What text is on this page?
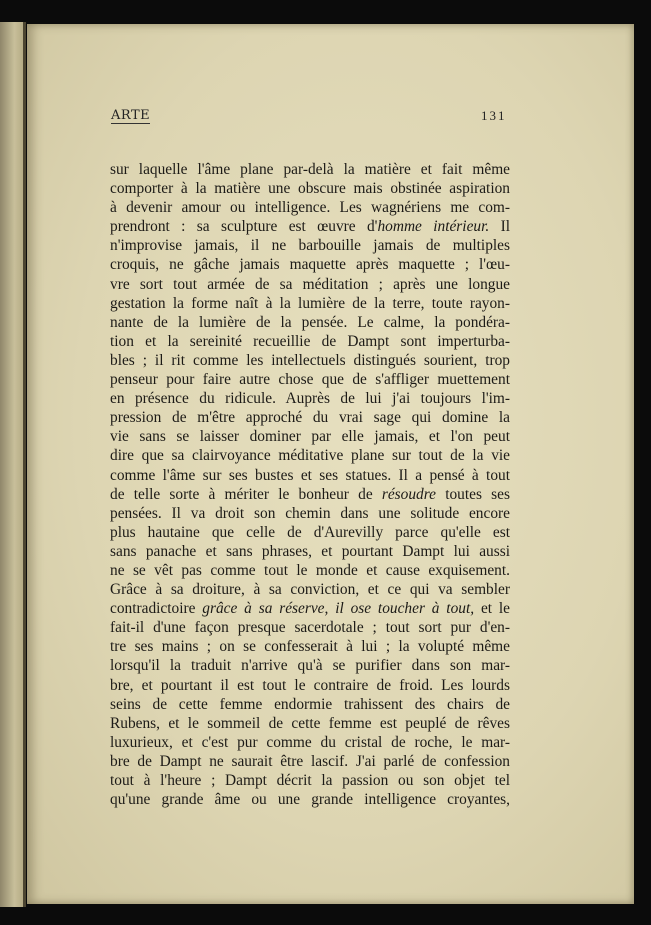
ARTE	131
sur laquelle l'âme plane par-delà la matière et fait même
comporter à la matière une obscure mais obstinée aspiration
à devenir amour ou intelligence. Les wagnériens me com-
prendront : sa sculpture est œuvre d'homme intérieur. Il
n'improvise jamais, il ne barbouille jamais de multiples
croquis, ne gâche jamais maquette après maquette ; l'œu-
vre sort tout armée de sa méditation ; après une longue
gestation la forme naît à la lumière de la terre, toute rayon-
nante de la lumière de la pensée. Le calme, la pondéra-
tion et la sereinité recueillie de Dampt sont imperturba-
bles ; il rit comme les intellectuels distingués sourient, trop
penseur pour faire autre chose que de s'affliger muettement
en présence du ridicule. Auprès de lui j'ai toujours l'im-
pression de m'être approché du vrai sage qui domine la
vie sans se laisser dominer par elle jamais, et l'on peut
dire que sa clairvoyance méditative plane sur tout de la vie
comme l'âme sur ses bustes et ses statues. Il a pensé à tout
de telle sorte à mériter le bonheur de résoudre toutes ses
pensées. Il va droit son chemin dans une solitude encore
plus hautaine que celle de d'Aurevilly parce qu'elle est
sans panache et sans phrases, et pourtant Dampt lui aussi
ne se vêt pas comme tout le monde et cause exquisement.
Grâce à sa droiture, à sa conviction, et ce qui va sembler
contradictoire grâce à sa réserve, il ose toucher à tout, et le
fait-il d'une façon presque sacerdotale ; tout sort pur d'en-
tre ses mains ; on se confesserait à lui ; la volupté même
lorsqu'il la traduit n'arrive qu'à se purifier dans son mar-
bre, et pourtant il est tout le contraire de froid. Les lourds
seins de cette femme endormie trahissent des chairs de
Rubens, et le sommeil de cette femme est peuplé de rêves
luxurieux, et c'est pur comme du cristal de roche, le mar-
bre de Dampt ne saurait être lascif. J'ai parlé de confession
tout à l'heure ; Dampt décrit la passion ou son objet tel
qu'une grande âme ou une grande intelligence croyantes,
